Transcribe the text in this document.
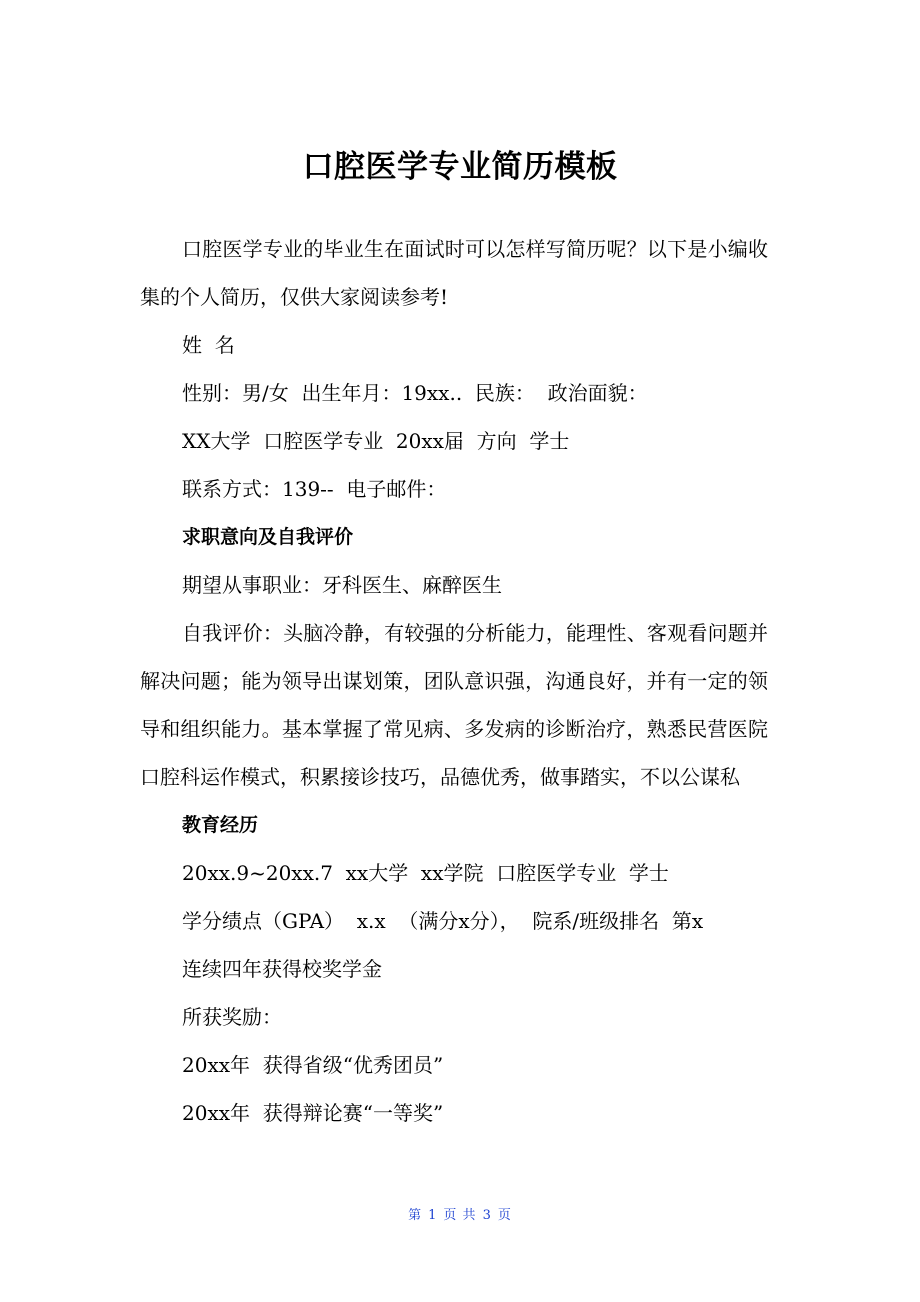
口腔医学专业简历模板
口腔医学专业的毕业生在面试时可以怎样写简历呢？以下是小编收集的个人简历，仅供大家阅读参考!
姓  名
性别：男/女  出生年月：19xx..  民族：  政治面貌：
XX大学  口腔医学专业  20xx届  方向  学士
联系方式：139--  电子邮件：
求职意向及自我评价
期望从事职业：牙科医生、麻醉医生
自我评价：头脑冷静，有较强的分析能力，能理性、客观看问题并解决问题；能为领导出谋划策，团队意识强，沟通良好，并有一定的领导和组织能力。基本掌握了常见病、多发病的诊断治疗，熟悉民营医院口腔科运作模式，积累接诊技巧，品德优秀，做事踏实，不以公谋私
教育经历
20xx.9~20xx.7  xx大学  xx学院  口腔医学专业  学士
学分绩点（GPA）  x.x  （满分x分），  院系/班级排名  第x
连续四年获得校奖学金
所获奖励：
20xx年  获得省级“优秀团员”
20xx年  获得辩论赛“一等奖”
第 1 页 共 3 页
